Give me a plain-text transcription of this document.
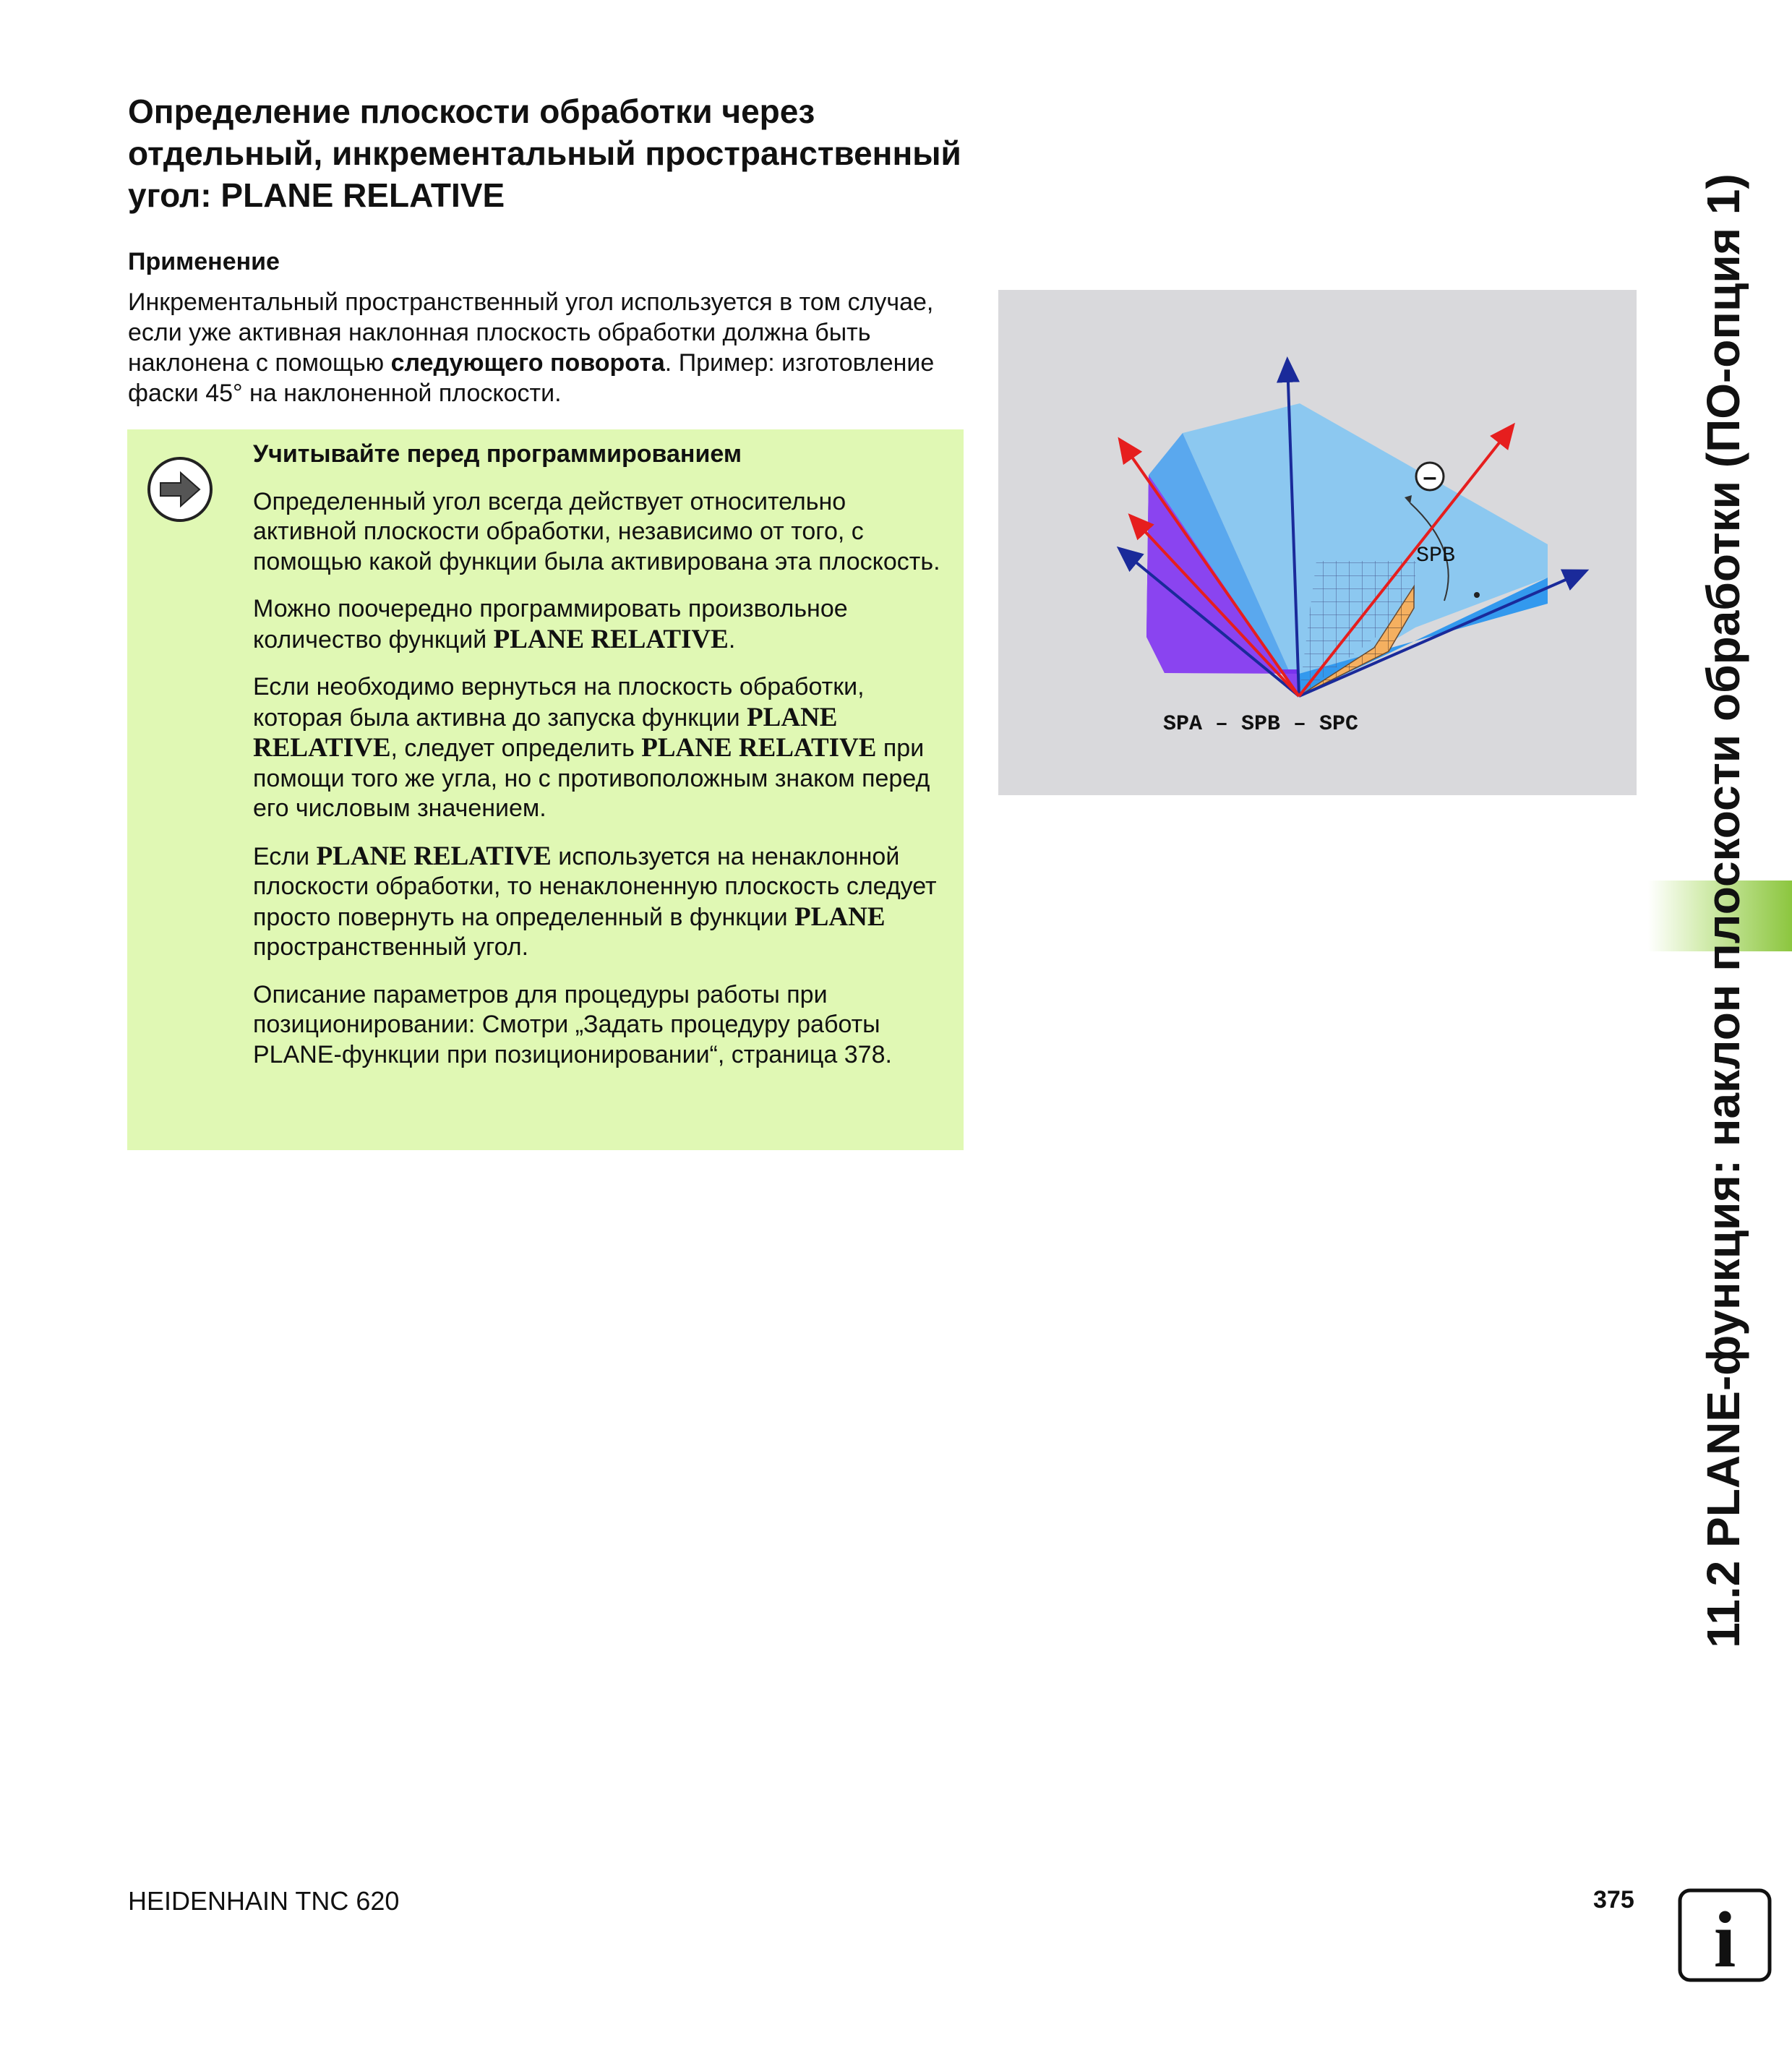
Определение плоскости обработки через отдельный, инкрементальный пространственный угол: PLANE RELATIVE
Применение

Инкрементальный пространственный угол используется в том случае, если уже активная наклонная плоскость обработки должна быть наклонена с помощью следующего поворота. Пример: изготовление фаски 45° на наклоненной плоскости.

Учитывайте перед программированием

Определенный угол всегда действует относительно активной плоскости обработки, независимо от того, с помощью какой функции была активирована эта плоскость.

Можно поочередно программировать произвольное количество функций PLANE RELATIVE.

Если необходимо вернуться на плоскость обработки, которая была активна до запуска функции PLANE RELATIVE, следует определить PLANE RELATIVE при помощи того же угла, но с противоположным знаком перед его числовым значением.

Если PLANE RELATIVE используется на ненаклонной плоскости обработки, то ненаклоненную плоскость следует просто повернуть на определенный в функции PLANE пространственный угол.

Описание параметров для процедуры работы при позиционировании: Смотри „Задать процедуру работы PLANE-функции при позиционировании“, страница 378.

–
SPB
SPA – SPB – SPC	11.2 PLANE-функция: наклон плоскости обработки (ПО-опция 1)
HEIDENHAIN TNC 620	375 i
